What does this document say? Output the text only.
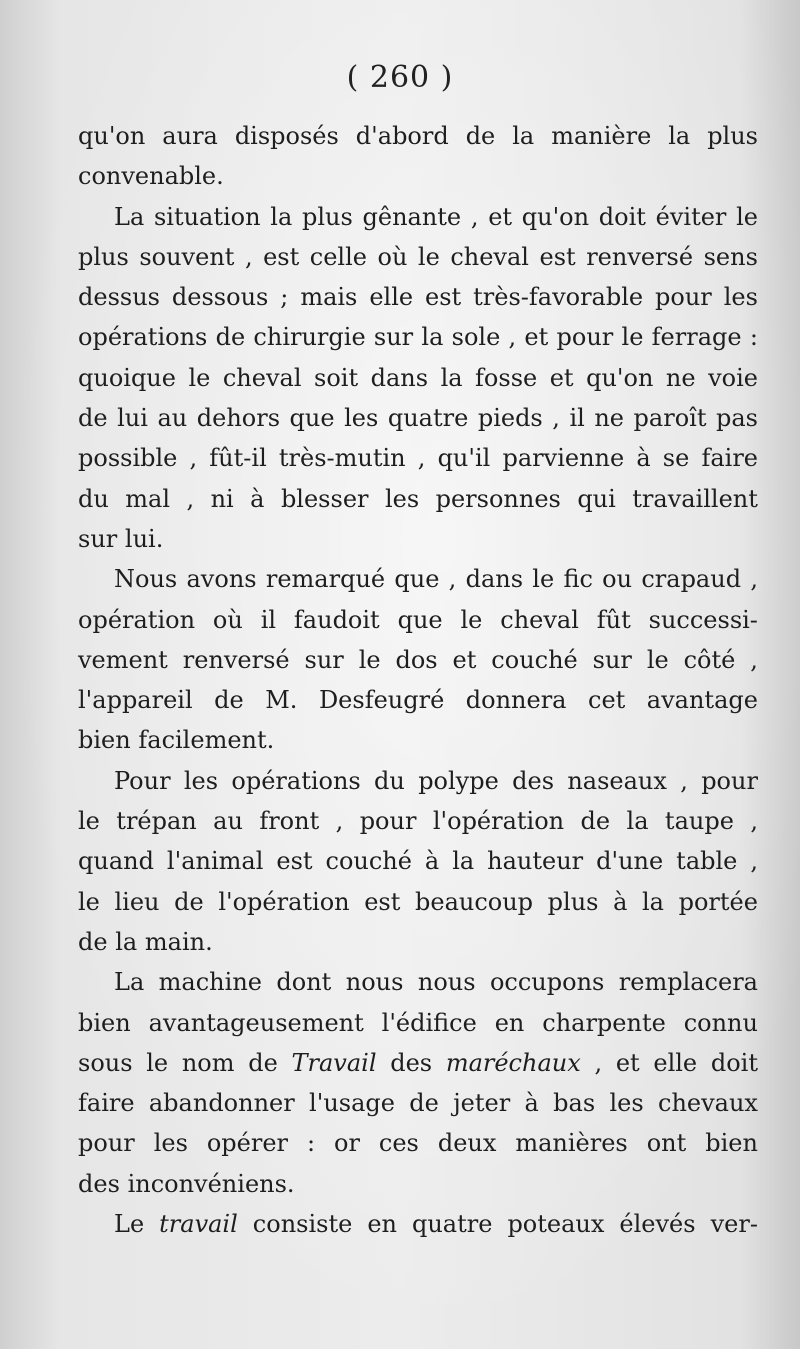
( 260 )
qu'on aura disposés d'abord de la manière la plus
convenable.
La situation la plus gênante , et qu'on doit éviter le
plus souvent , est celle où le cheval est renversé sens
dessus dessous ; mais elle est très-favorable pour les
opérations de chirurgie sur la sole , et pour le ferrage :
quoique le cheval soit dans la fosse et qu'on ne voie
de lui au dehors que les quatre pieds , il ne paroît pas
possible , fût-il très-mutin , qu'il parvienne à se faire
du mal , ni à blesser les personnes qui travaillent
sur lui.
Nous avons remarqué que , dans le fic ou crapaud ,
opération où il faudoit que le cheval fût successi-
vement renversé sur le dos et couché sur le côté ,
l'appareil de M. Desfeugré donnera cet avantage
bien facilement.
Pour les opérations du polype des naseaux , pour
le trépan au front , pour l'opération de la taupe ,
quand l'animal est couché à la hauteur d'une table ,
le lieu de l'opération est beaucoup plus à la portée
de la main.
La machine dont nous nous occupons remplacera
bien avantageusement l'édifice en charpente connu
sous le nom de Travail des maréchaux , et elle doit
faire abandonner l'usage de jeter à bas les chevaux
pour les opérer : or ces deux manières ont bien
des inconvéniens.
Le travail consiste en quatre poteaux élevés ver-
